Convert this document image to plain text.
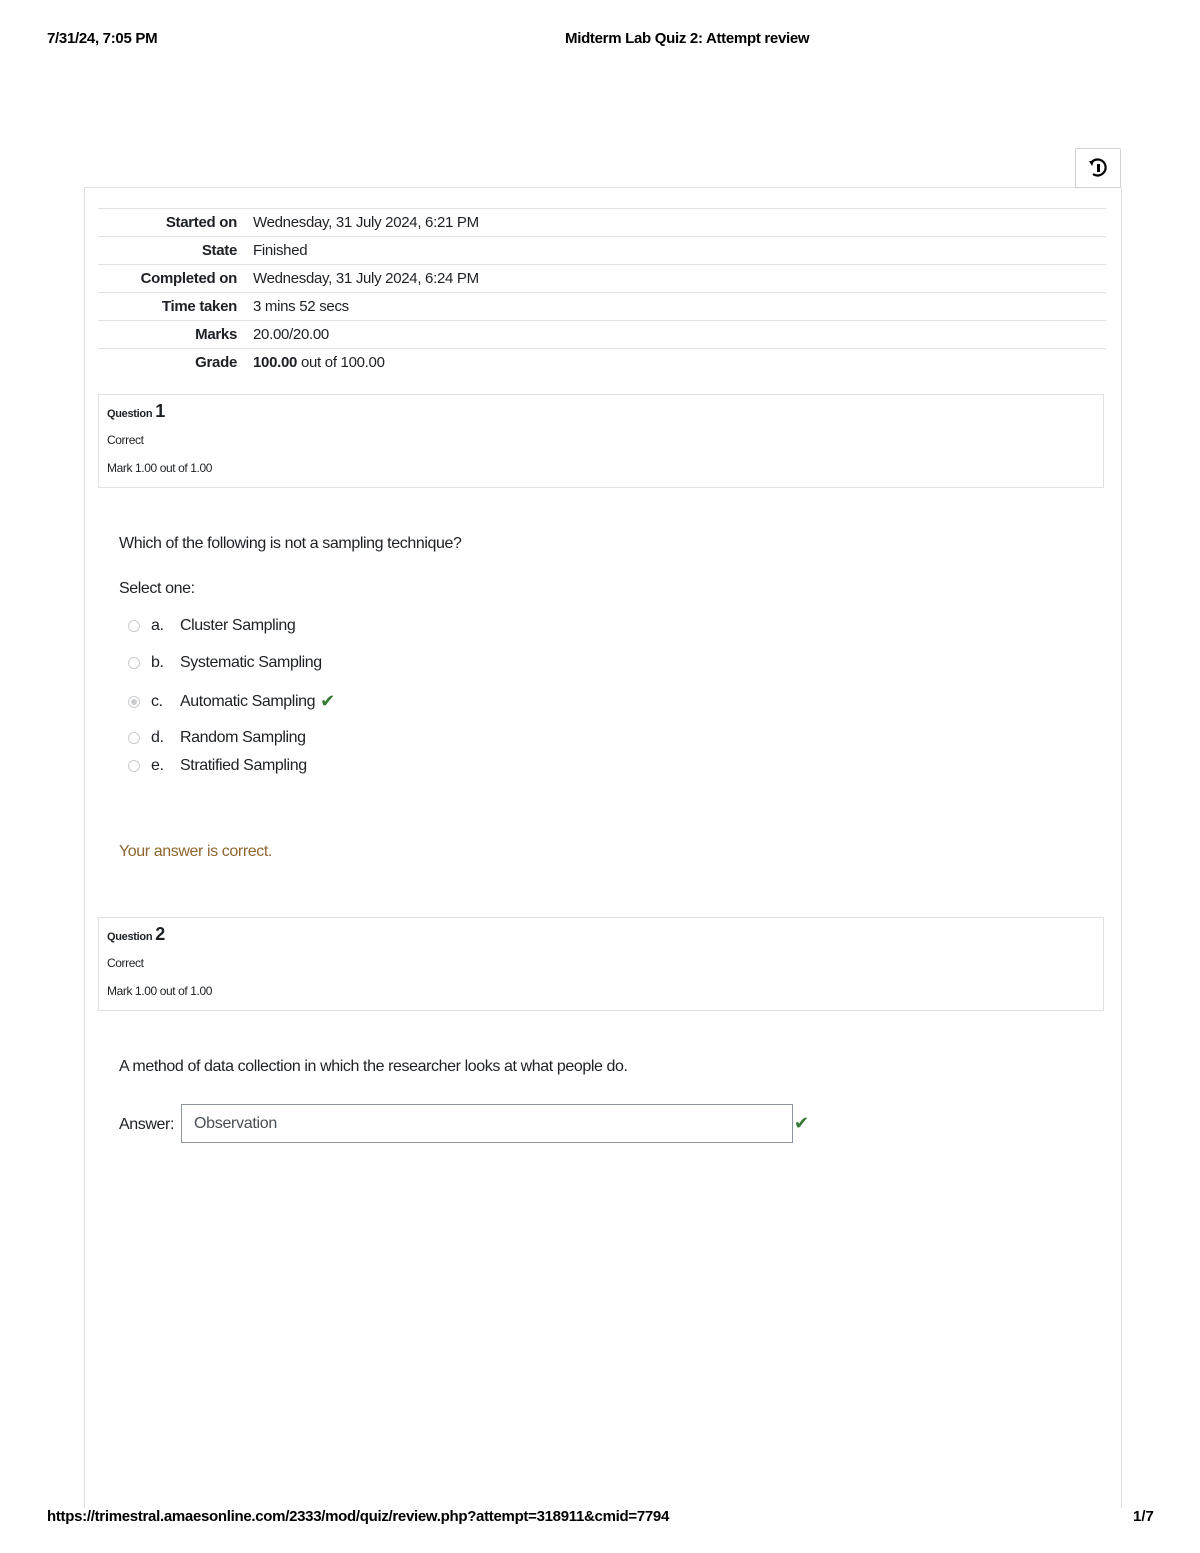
7/31/24, 7:05 PM	Midterm Lab Quiz 2: Attempt review
Started on	Wednesday, 31 July 2024, 6:21 PM
State	Finished
Completed on	Wednesday, 31 July 2024, 6:24 PM
Time taken	3 mins 52 secs
Marks	20.00/20.00
Grade	100.00 out of 100.00
Question 1
Correct
Mark 1.00 out of 1.00
Which of the following is not a sampling technique?
Select one:
a.	Cluster Sampling
b.	Systematic Sampling
c.	Automatic Sampling ✔
d.	Random Sampling
e.	Stratified Sampling
Your answer is correct.
Question 2
Correct
Mark 1.00 out of 1.00
A method of data collection in which the researcher looks at what people do.
Answer:
Observation	✔
https://trimestral.amaesonline.com/2333/mod/quiz/review.php?attempt=318911&cmid=7794	1/7
